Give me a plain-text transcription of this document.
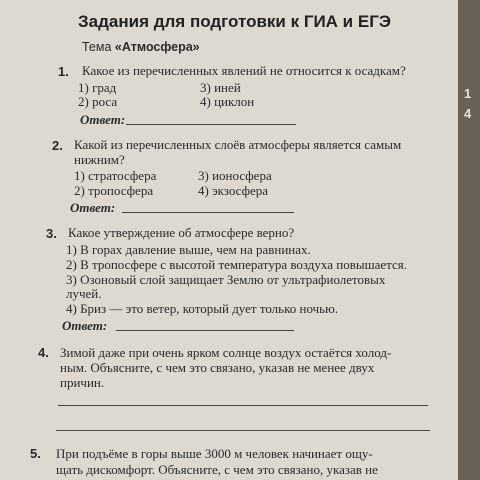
Задания для подготовки к ГИА и ЕГЭ
Тема «Атмосфера»
1. Какое из перечисленных явлений не относится к осадкам?
1) град
2) роса
3) иней
4) циклон
Ответ:
2. Какой из перечисленных слоёв атмосферы является самым
нижним?
1) стратосфера
2) тропосфера
3) ионосфера
4) экзосфера
Ответ:
3. Какое утверждение об атмосфере верно?
1) В горах давление выше, чем на равнинах.
2) В тропосфере с высотой температура воздуха повышается.
3) Озоновый слой защищает Землю от ультрафиолетовых
лучей.
4) Бриз — это ветер, который дует только ночью.
Ответ:
4. Зимой даже при очень ярком солнце воздух остаётся холод-
ным. Объясните, с чем это связано, указав не менее двух
причин.
5. При подъёме в горы выше 3000 м человек начинает ощу-
щать дискомфорт. Объясните, с чем это связано, указав не
1
4
